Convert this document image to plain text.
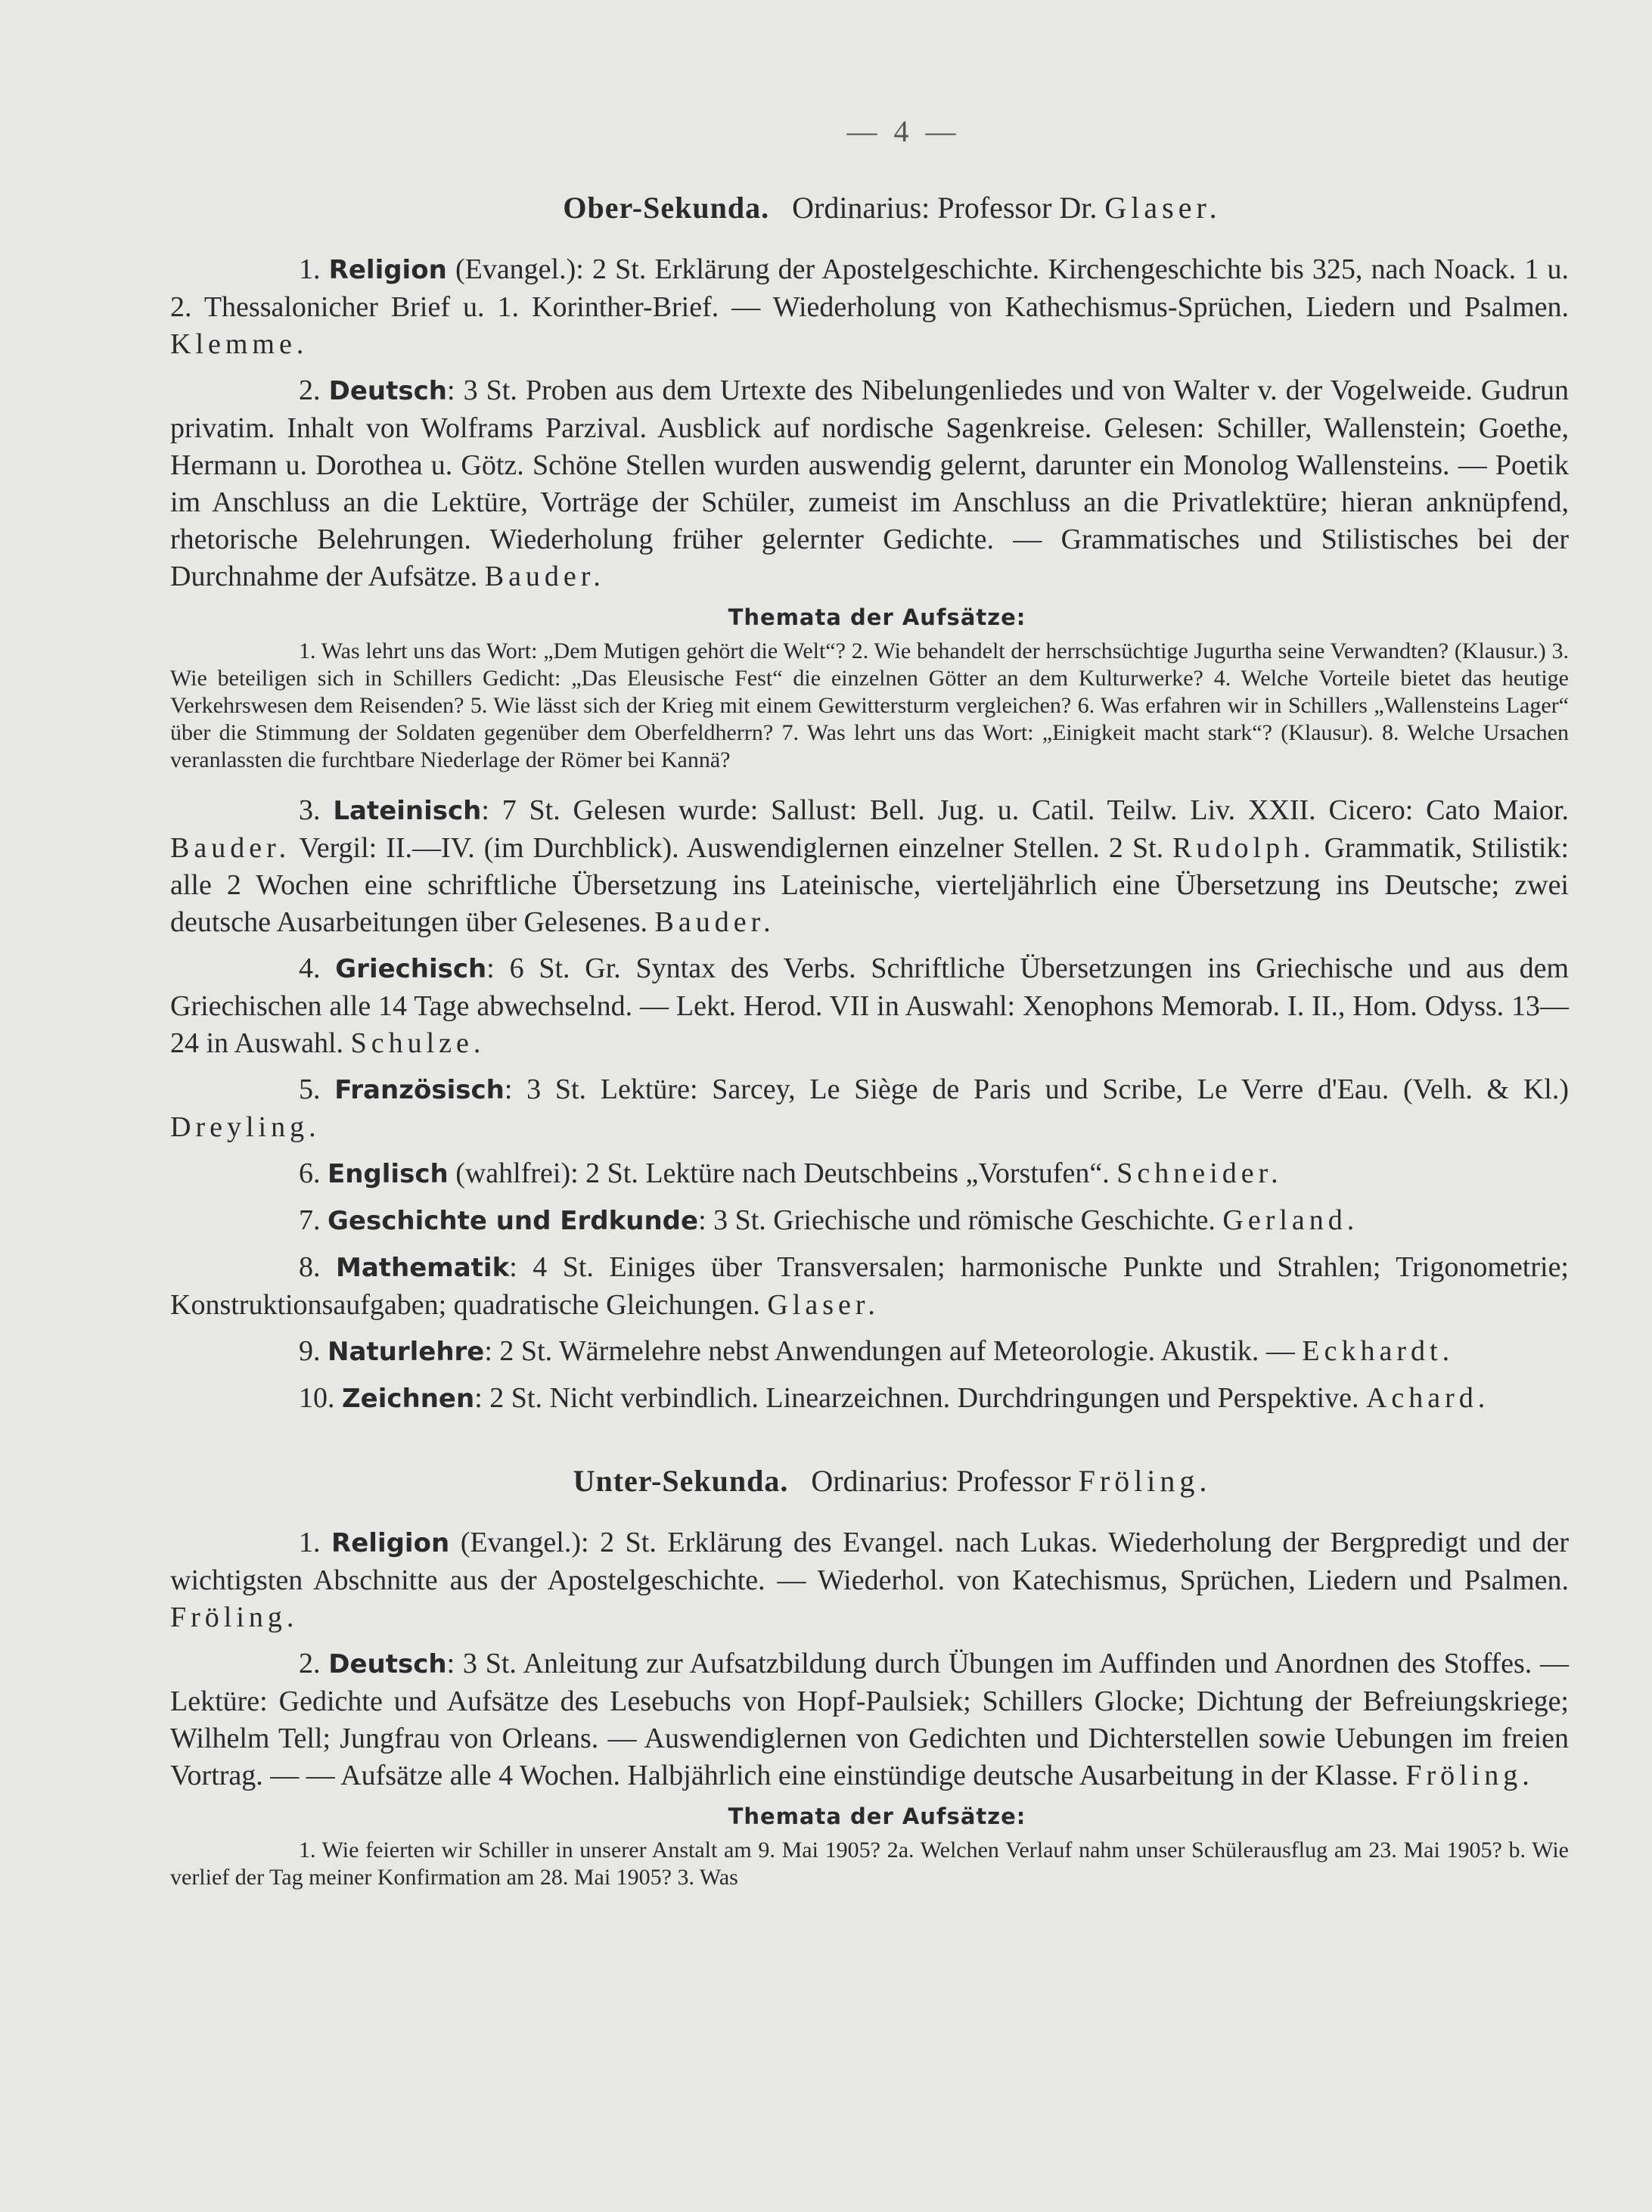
— 4 —
Ober-Sekunda. Ordinarius: Professor Dr. Glaser.

1. Religion (Evangel.): 2 St. Erklärung der Apostelgeschichte. Kirchengeschichte bis 325, nach Noack. 1 u. 2. Thessalonicher Brief u. 1. Korinther-Brief. — Wiederholung von Kathechismus-Sprüchen, Liedern und Psalmen. Klemme.

2. Deutsch: 3 St. Proben aus dem Urtexte des Nibelungenliedes und von Walter v. der Vogelweide. Gudrun privatim. Inhalt von Wolframs Parzival. Ausblick auf nordische Sagenkreise. Gelesen: Schiller, Wallenstein; Goethe, Hermann u. Dorothea u. Götz. Schöne Stellen wurden auswendig gelernt, darunter ein Monolog Wallensteins. — Poetik im Anschluss an die Lektüre, Vorträge der Schüler, zumeist im Anschluss an die Privatlektüre; hieran anknüpfend, rhetorische Belehrungen. Wiederholung früher gelernter Gedichte. — Grammatisches und Stilistisches bei der Durchnahme der Aufsätze. Bauder.

Themata der Aufsätze:

1. Was lehrt uns das Wort: „Dem Mutigen gehört die Welt“? 2. Wie behandelt der herrschsüchtige Jugurtha seine Verwandten? (Klausur.) 3. Wie beteiligen sich in Schillers Gedicht: „Das Eleusische Fest“ die einzelnen Götter an dem Kulturwerke? 4. Welche Vorteile bietet das heutige Verkehrswesen dem Reisenden? 5. Wie lässt sich der Krieg mit einem Gewittersturm vergleichen? 6. Was erfahren wir in Schillers „Wallensteins Lager“ über die Stimmung der Soldaten gegenüber dem Oberfeldherrn? 7. Was lehrt uns das Wort: „Einigkeit macht stark“? (Klausur). 8. Welche Ursachen veranlassten die furchtbare Niederlage der Römer bei Kannä?

3. Lateinisch: 7 St. Gelesen wurde: Sallust: Bell. Jug. u. Catil. Teilw. Liv. XXII. Cicero: Cato Maior. Bauder. Vergil: II.—IV. (im Durchblick). Auswendiglernen einzelner Stellen. 2 St. Rudolph. Grammatik, Stilistik: alle 2 Wochen eine schriftliche Übersetzung ins Lateinische, vierteljährlich eine Übersetzung ins Deutsche; zwei deutsche Ausarbeitungen über Gelesenes. Bauder.

4. Griechisch: 6 St. Gr. Syntax des Verbs. Schriftliche Übersetzungen ins Griechische und aus dem Griechischen alle 14 Tage abwechselnd. — Lekt. Herod. VII in Auswahl: Xenophons Memorab. I. II., Hom. Odyss. 13—24 in Auswahl. Schulze.

5. Französisch: 3 St. Lektüre: Sarcey, Le Siège de Paris und Scribe, Le Verre d'Eau. (Velh. & Kl.) Dreyling.

6. Englisch (wahlfrei): 2 St. Lektüre nach Deutschbeins „Vorstufen“. Schneider.

7. Geschichte und Erdkunde: 3 St. Griechische und römische Geschichte. Gerland.

8. Mathematik: 4 St. Einiges über Transversalen; harmonische Punkte und Strahlen; Trigonometrie; Konstruktionsaufgaben; quadratische Gleichungen. Glaser.

9. Naturlehre: 2 St. Wärmelehre nebst Anwendungen auf Meteorologie. Akustik. — Eckhardt.

10. Zeichnen: 2 St. Nicht verbindlich. Linearzeichnen. Durchdringungen und Perspektive. Achard.

Unter-Sekunda. Ordinarius: Professor Fröling.

1. Religion (Evangel.): 2 St. Erklärung des Evangel. nach Lukas. Wiederholung der Bergpredigt und der wichtigsten Abschnitte aus der Apostelgeschichte. — Wiederhol. von Katechismus, Sprüchen, Liedern und Psalmen. Fröling.

2. Deutsch: 3 St. Anleitung zur Aufsatzbildung durch Übungen im Auffinden und Anordnen des Stoffes. — Lektüre: Gedichte und Aufsätze des Lesebuchs von Hopf-Paulsiek; Schillers Glocke; Dichtung der Befreiungskriege; Wilhelm Tell; Jungfrau von Orleans. — Auswendiglernen von Gedichten und Dichterstellen sowie Uebungen im freien Vortrag. — — Aufsätze alle 4 Wochen. Halbjährlich eine einstündige deutsche Ausarbeitung in der Klasse. Fröling.

Themata der Aufsätze:

1. Wie feierten wir Schiller in unserer Anstalt am 9. Mai 1905? 2a. Welchen Verlauf nahm unser Schülerausflug am 23. Mai 1905? b. Wie verlief der Tag meiner Konfirmation am 28. Mai 1905? 3. Was
